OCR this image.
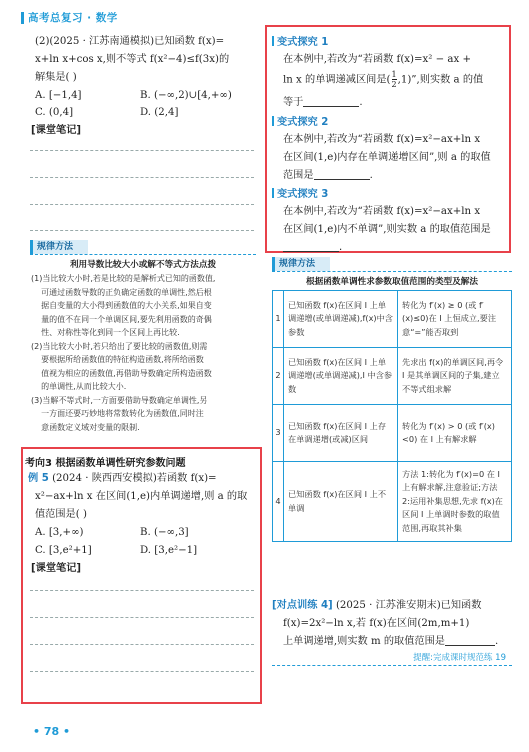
高考总复习 · 数学
(2)(2025 · 江苏南通模拟)已知函数 f(x)=
x+ln x+cos x,则不等式 f(x²−4)≤f(3x)的
解集是( )
A. [−1,4]	B. (−∞,2)∪[4,+∞)
C. (0,4]	D. (2,4]
[课堂笔记]
规律方法
利用导数比较大小或解不等式方法点拨
(1)当比较大小时,若是比较的是解析式已知的函数值,
可通过函数导数的正负确定函数的单调性,然后根
据自变量的大小得到函数值的大小关系,如果自变
量的值不在同一个单调区间,要先利用函数的奇偶
性、对称性等化到同一个区间上再比较.
(2)当比较大小时,若只给出了要比较的函数值,则需
要根据所给函数值的特征构造函数,将所给函数
值视为相应的函数值,再借助导数确定所构造函数
的单调性,从而比较大小.
(3)当解不等式时,一方面要借助导数确定单调性,另
一方面还要巧妙地将常数转化为函数值,同时注
意函数定义域对变量的限制.
考向3 根据函数单调性研究参数问题
例 5 (2024 · 陕西西安模拟)若函数 f(x)=
x²−ax+ln x 在区间(1,e)内单调递增,则 a 的取
值范围是( )
A. [3,+∞)	B. (−∞,3]
C. [3,e²+1]	D. [3,e²−1]
[课堂笔记]
变式探究 1
在本例中,若改为“若函数 f(x)=x² − ax +
ln x 的单调递减区间是( $\frac{1}{2} ,1$)”,则实数 a 的值
等于	.
变式探究 2
在本例中,若改为“若函数 f(x)=x²−ax+ln x
在区间(1,e)内存在单调递增区间”,则 a 的取值
范围是	.
变式探究 3
在本例中,若改为“若函数 f(x)=x²−ax+ln x
在区间(1,e)内不单调”,则实数 a 的取值范围是
.
规律方法
根据函数单调性求参数取值范围的类型及解法
1	已知函数 f(x)在区间 I 上单调递增(或单调递减),f(x)中含参数	转化为 f′(x) ≥ 0 (或 f′(x)≤0)在 I 上恒成立,要注意“=”能否取到
2	已知函数 f(x)在区间 I 上单调递增(或单调递减),I 中含参数	先求出 f(x)的单调区间,再令 I 是其单调区间的子集,建立不等式组求解
3	已知函数 f(x)在区间 I 上存在单调递增(或减)区间	转化为 f′(x) > 0 (或 f′(x)<0) 在 I 上有解求解
4	已知函数 f(x)在区间 I 上不单调	方法 1:转化为 f′(x)=0 在 I 上有解求解,注意验证;方法 2:运用补集思想,先求 f(x)在区间 I 上单调时参数的取值范围,再取其补集
[对点训练 4] (2025 · 江苏淮安期末)已知函数
f(x)=2x²−ln x,若 f(x)在区间(2m,m+1)
上单调递增,则实数 m 的取值范围是	.
提醒:完成课时规范练 19
• 78 •
